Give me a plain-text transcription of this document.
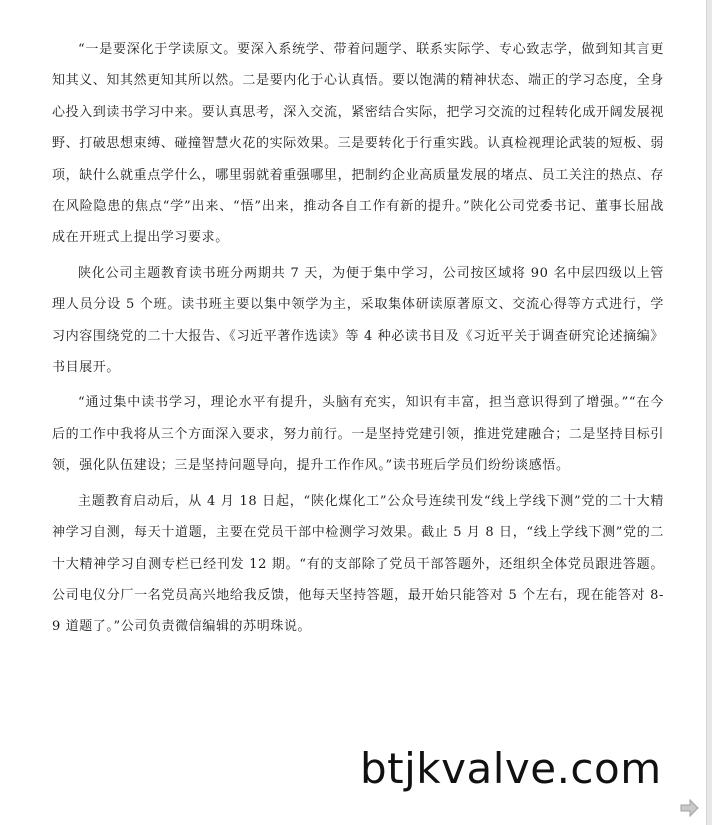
“一是要深化于学读原文。要深入系统学、带着问题学、联系实际学、专心致志学，做到知其言更知其义、知其然更知其所以然。二是要内化于心认真悟。要以饱满的精神状态、端正的学习态度，全身心投入到读书学习中来。要认真思考，深入交流，紧密结合实际，把学习交流的过程转化成开阔发展视野、打破思想束缚、碰撞智慧火花的实际效果。三是要转化于行重实践。认真检视理论武装的短板、弱项，缺什么就重点学什么，哪里弱就着重强哪里，把制约企业高质量发展的堵点、员工关注的热点、存在风险隐患的焦点“学”出来、“悟”出来，推动各自工作有新的提升。”陕化公司党委书记、董事长屈战成在开班式上提出学习要求。

陕化公司主题教育读书班分两期共 7 天，为便于集中学习，公司按区域将 90 名中层四级以上管理人员分设 5 个班。读书班主要以集中领学为主，采取集体研读原著原文、交流心得等方式进行，学习内容围绕党的二十大报告、《习近平著作选读》等 4 种必读书目及《习近平关于调查研究论述摘编》书目展开。

“通过集中读书学习，理论水平有提升，头脑有充实，知识有丰富，担当意识得到了增强。”“在今后的工作中我将从三个方面深入要求，努力前行。一是坚持党建引领，推进党建融合；二是坚持目标引领，强化队伍建设；三是坚持问题导向，提升工作作风。”读书班后学员们纷纷谈感悟。

主题教育启动后，从 4 月 18 日起，“陕化煤化工”公众号连续刊发“线上学线下测”党的二十大精神学习自测，每天十道题，主要在党员干部中检测学习效果。截止 5 月 8 日，“线上学线下测”党的二十大精神学习自测专栏已经刊发 12 期。“有的支部除了党员干部答题外，还组织全体党员跟进答题。公司电仪分厂一名党员高兴地给我反馈，他每天坚持答题，最开始只能答对 5 个左右，现在能答对 8-9 道题了。”公司负责微信编辑的苏明珠说。

btjkvalve.com
